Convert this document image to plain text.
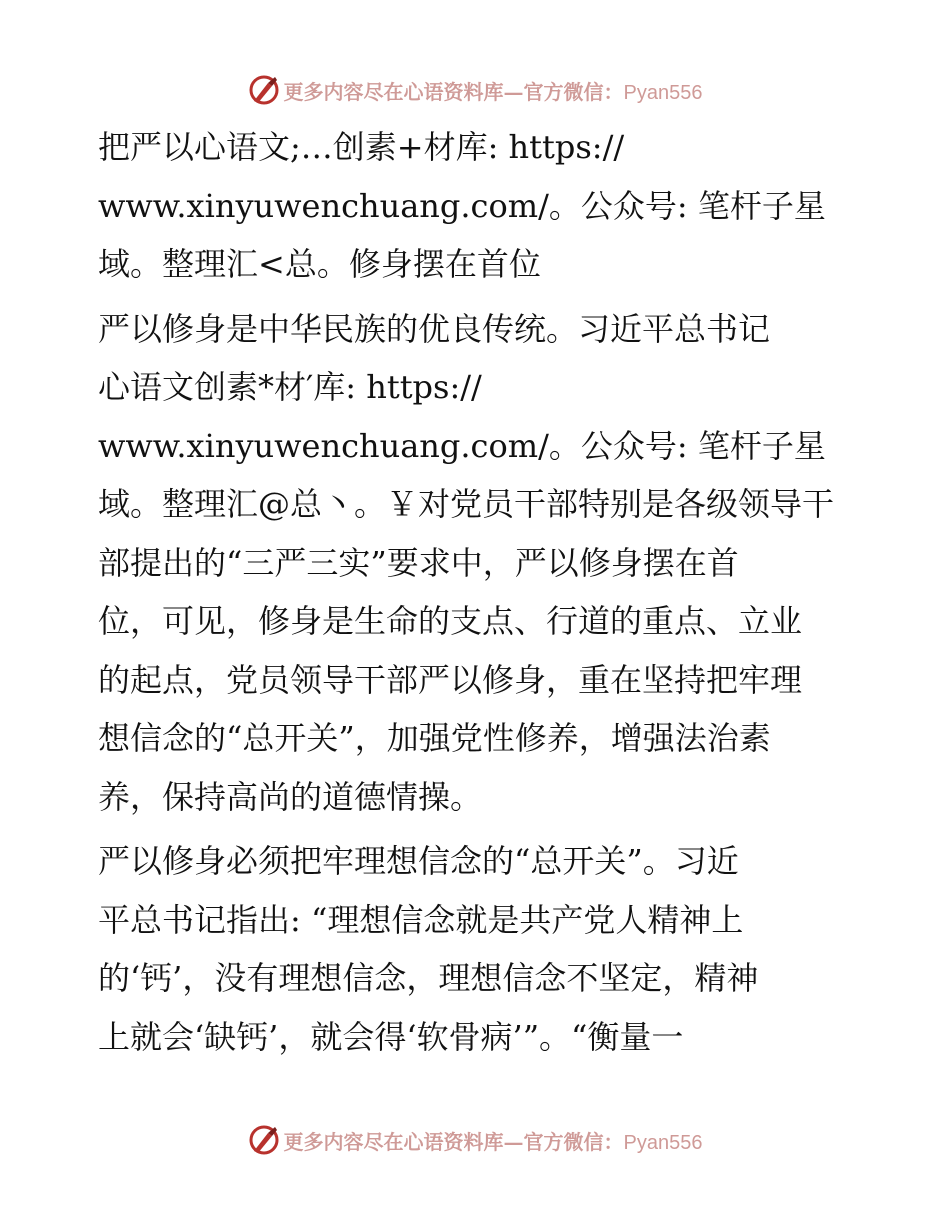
更多内容尽在心语资料库—官方微信：Pyan556
把严以心语文;…创素+材库: https://
www.xinyuwenchuang.com/。公众号: 笔杆子星
域。整理汇<总。修身摆在首位
严以修身是中华民族的优良传统。习近平总书记
心语文创素*材′库: https://
www.xinyuwenchuang.com/。公众号: 笔杆子星
域。整理汇@总丶。￥对党员干部特别是各级领导干
部提出的“三严三实”要求中，严以修身摆在首
位，可见，修身是生命的支点、行道的重点、立业
的起点，党员领导干部严以修身，重在坚持把牢理
想信念的“总开关”，加强党性修养，增强法治素
养，保持高尚的道德情操。
严以修身必须把牢理想信念的“总开关”。习近
平总书记指出: “理想信念就是共产党人精神上
的‘钙’，没有理想信念，理想信念不坚定，精神
上就会‘缺钙’，就会得‘软骨病’”。“衡量一
更多内容尽在心语资料库—官方微信：Pyan556
